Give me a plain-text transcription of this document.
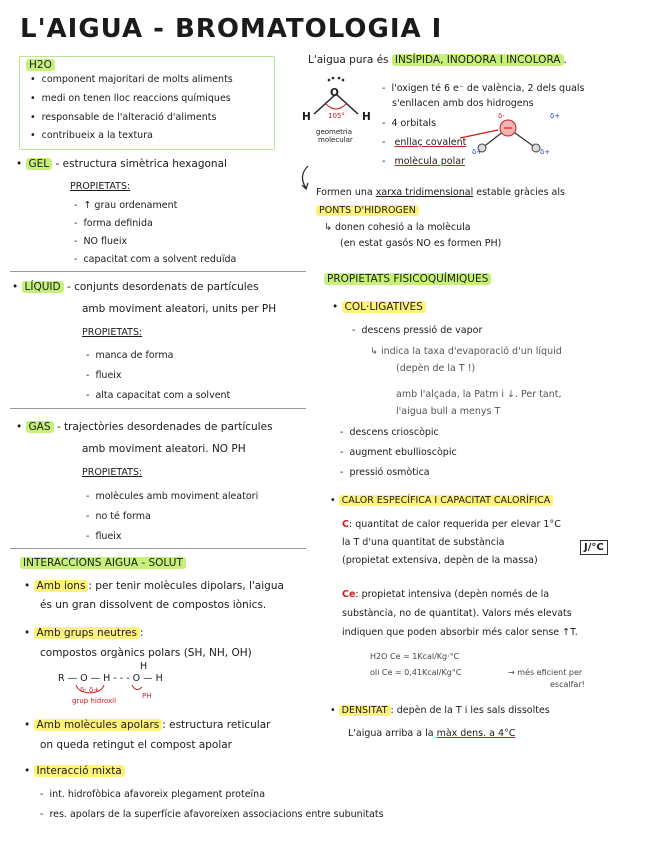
L'AIGUA - BROMATOLOGIA I
H2O
• component majoritari de molts aliments
• medi on tenen lloc reaccions químiques
• responsable de l'alteració d'aliments
• contribueix a la textura
• GEL - estructura simètrica hexagonal
PROPIETATS:
- ↑ grau ordenament
- forma definida
- NO flueix
- capacitat com a solvent reduïda
• LÍQUID - conjunts desordenats de partícules
amb moviment aleatori, units per PH
PROPIETATS:
- manca de forma
- flueix
- alta capacitat com a solvent
• GAS - trajectòries desordenades de partícules
amb moviment aleatori. NO PH
PROPIETATS:
- molècules amb moviment aleatori
- no té forma
- flueix
INTERACCIONS AIGUA - SOLUT
• Amb ions : per tenir molècules dipolars, l'aigua
és un gran dissolvent de compostos iònics.
• Amb grups neutres :
compostos orgànics polars (SH, NH, OH)
H
R — O — H - - - O — H
δ- δ+
grup hidroxil
PH
• Amb molècules apolars : estructura reticular
on queda retingut el compost apolar
• Interacció mixta
- int. hidrofòbica afavoreix plegament proteïna
- res. apolars de la superfície afavoreixen associacions entre subunitats
L'aigua pura és INSÍPIDA, INODORA I INCOLORA .
O
H	H
105°
geometria
molecular
- l'oxigen té 6 e⁻ de valència, 2 dels quals
s'enllacen amb dos hidrogens
- 4 orbitals
- enllaç covalent
- molècula polar
δ+
δ-
δ+	δ+
Formen una xarxa tridimensional estable gràcies als
PONTS D'HIDROGEN
↳ donen cohesió a la molècula
(en estat gasós NO es formen PH)
PROPIETATS FISICOQUÍMIQUES
• COL·LIGATIVES
- descens pressió de vapor
↳ indica la taxa d'evaporació d'un líquid
(depèn de la T !)
amb l'alçada, la Patm i ↓. Per tant,
l'aigua bull a menys T
- descens crioscòpic
- augment ebullioscòpic
- pressió osmòtica
• CALOR ESPECÍFICA I CAPACITAT CALORÍFICA
C: quantitat de calor requerida per elevar 1°C
la T d'una quantitat de substància
(propietat extensiva, depèn de la massa)
J/°C
Ce: propietat intensiva (depèn només de la
substància, no de quantitat). Valors més elevats
indiquen que poden absorbir més calor sense ↑T.
H2O Ce = 1Kcal/Kg·°C
oli Ce = 0,41Kcal/Kg°C	→ més eficient per
escalfar!
• DENSITAT : depèn de la T i les sals dissoltes
L'aigua arriba a la màx dens. a 4°C
